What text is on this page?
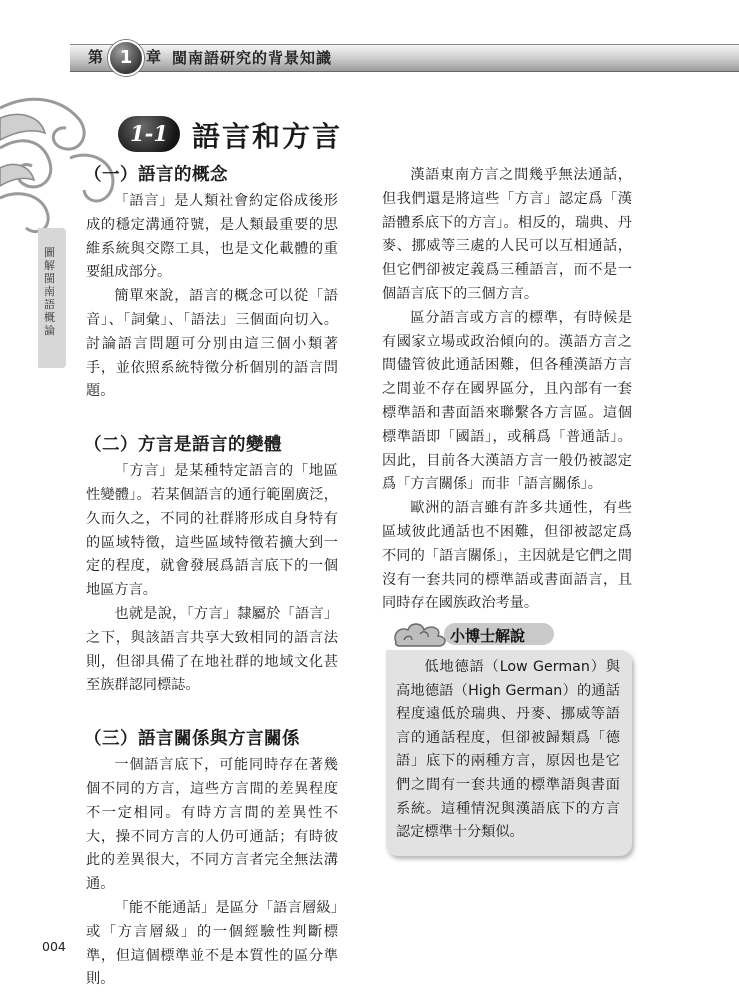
第 1 章 閩南語研究的背景知識
圖解閩南語概論
1-1 語言和方言
（一）語言的概念

「語言」是人類社會約定俗成後形成的穩定溝通符號，是人類最重要的思維系統與交際工具，也是文化載體的重要組成部分。

簡單來說，語言的概念可以從「語音」、「詞彙」、「語法」三個面向切入。討論語言問題可分別由這三個小類著手，並依照系統特徵分析個別的語言問題。

（二）方言是語言的變體

「方言」是某種特定語言的「地區性變體」。若某個語言的通行範圍廣泛，久而久之，不同的社群將形成自身特有的區域特徵，這些區域特徵若擴大到一定的程度，就會發展爲語言底下的一個地區方言。

也就是說，「方言」隸屬於「語言」之下，與該語言共享大致相同的語言法則，但卻具備了在地社群的地域文化甚至族群認同標誌。

（三）語言關係與方言關係

一個語言底下，可能同時存在著幾個不同的方言，這些方言間的差異程度不一定相同。有時方言間的差異性不大，操不同方言的人仍可通話；有時彼此的差異很大，不同方言者完全無法溝通。

「能不能通話」是區分「語言層級」或「方言層級」的一個經驗性判斷標準，但這個標準並不是本質性的區分準則。

漢語東南方言之間幾乎無法通話，但我們還是將這些「方言」認定爲「漢語體系底下的方言」。相反的，瑞典、丹麥、挪威等三處的人民可以互相通話，但它們卻被定義爲三種語言，而不是一個語言底下的三個方言。

區分語言或方言的標準，有時候是有國家立場或政治傾向的。漢語方言之間儘管彼此通話困難，但各種漢語方言之間並不存在國界區分，且內部有一套標準語和書面語來聯繫各方言區。這個標準語即「國語」，或稱爲「普通話」。因此，目前各大漢語方言一般仍被認定爲「方言關係」而非「語言關係」。

歐洲的語言雖有許多共通性，有些區域彼此通話也不困難，但卻被認定爲不同的「語言關係」，主因就是它們之間沒有一套共同的標準語或書面語言，且同時存在國族政治考量。

小博士解說

低地德語（Low German）與高地德語（High German）的通話程度遠低於瑞典、丹麥、挪威等語言的通話程度，但卻被歸類爲「德語」底下的兩種方言，原因也是它們之間有一套共通的標準語與書面系統。這種情況與漢語底下的方言認定標準十分類似。

004
